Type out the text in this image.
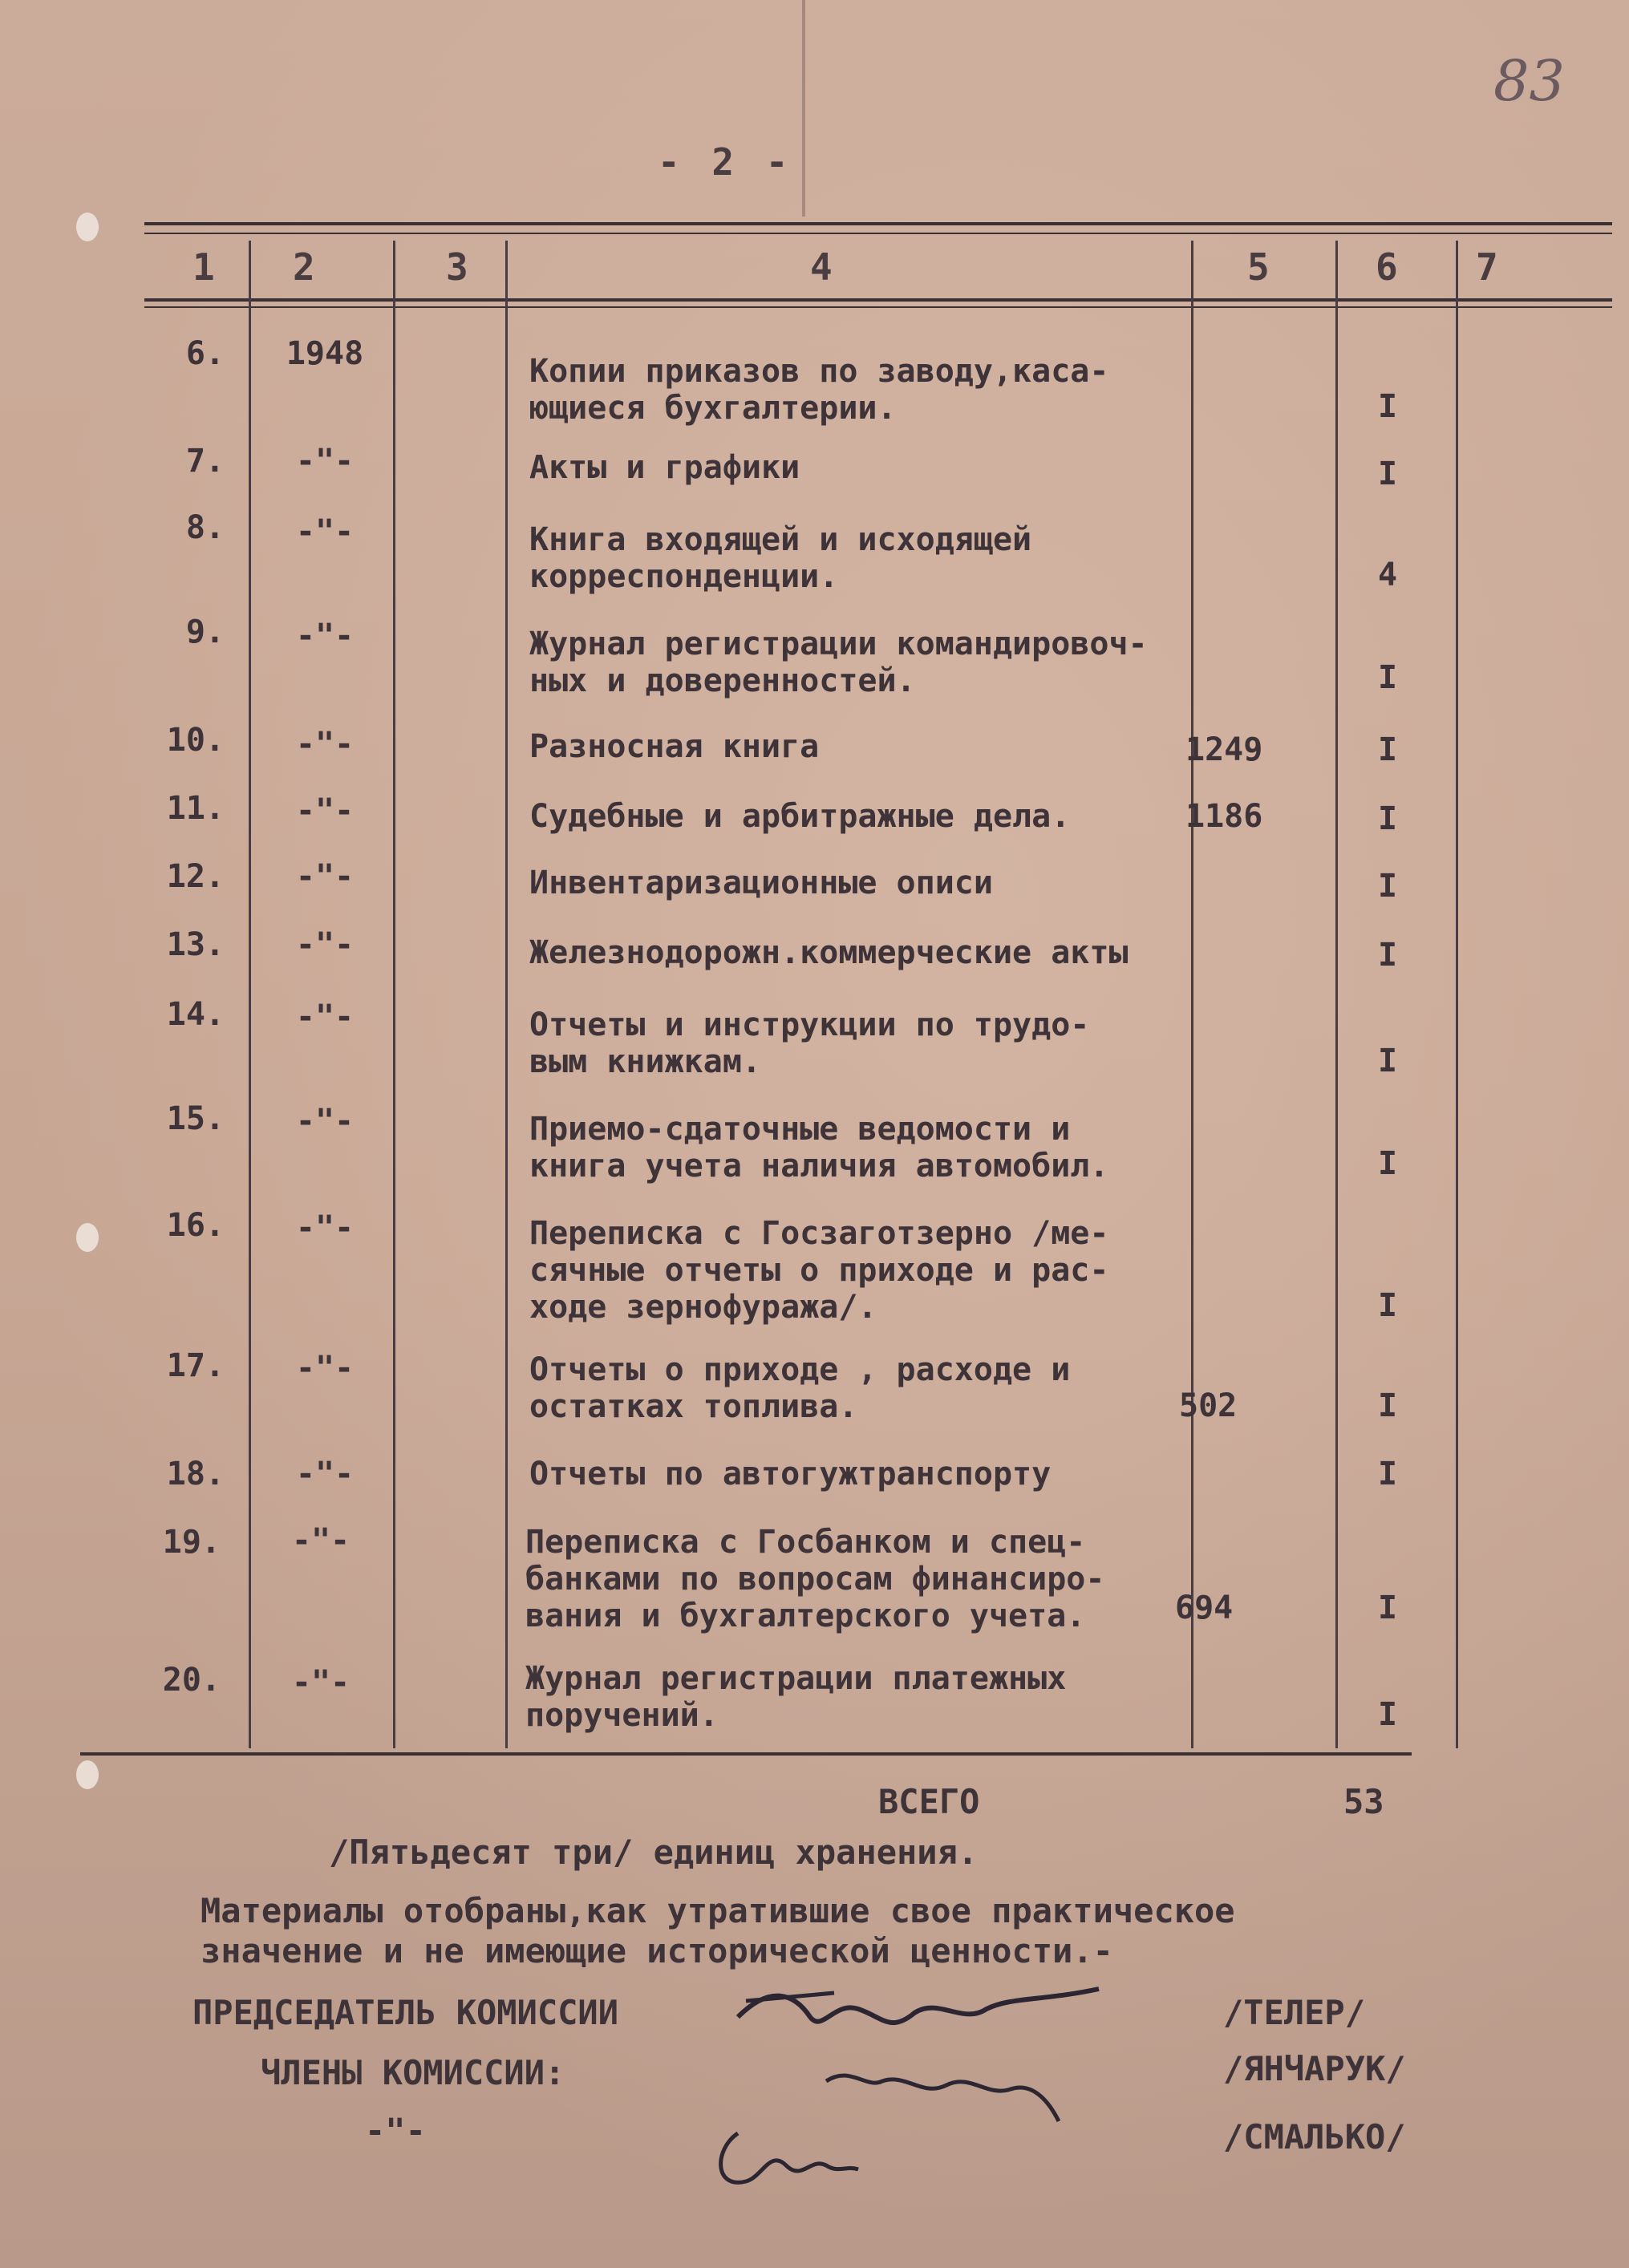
83
- 2 -
1 2	3	4	5	6 7
6.	1948	Копии приказов по заводу,каса-
ющиеся бухгалтерии.	I
7.	-"-	Акты и графики	I
8.	-"-	Книга входящей и исходящей
корреспонденции.	4
9.	-"-	Журнал регистрации командировоч-
ных и доверенностей.	I
10.	-"-	Разносная книга	1249	I
11.	-"-	Судебные и арбитражные дела.	1186	I
12.	-"-	Инвентаризационные описи	I
13.	-"-	Железнодорожн.коммерческие акты	I
14.	-"-	Отчеты и инструкции по трудо-
вым книжкам.	I
15.	-"-	Приемо-сдаточные ведомости и
книга учета наличия автомобил.	I
16.	-"-	Переписка с Госзаготзерно /ме-
сячные отчеты о приходе и рас-
ходе зернофуража/.	I
17.	-"-	Отчеты о приходе , расходе и
остатках топлива.	502	I
18.	-"-	Отчеты по автогужтранспорту	I
19.	-"-	Переписка с Госбанком и спец-
банками по вопросам финансиро-
вания и бухгалтерского учета.	694	I
20.	-"-	Журнал регистрации платежных
поручений.	I
ВСЕГО	53
/Пятьдесят три/ единиц хранения.
Материалы отобраны,как утратившие свое практическое
значение и не имеющие исторической ценности.-
ПРЕДСЕДАТЕЛЬ КОМИССИИ	/ТЕЛЕР/
ЧЛЕНЫ КОМИССИИ:	/ЯНЧАРУК/
-"-	/СМАЛЬКО/
